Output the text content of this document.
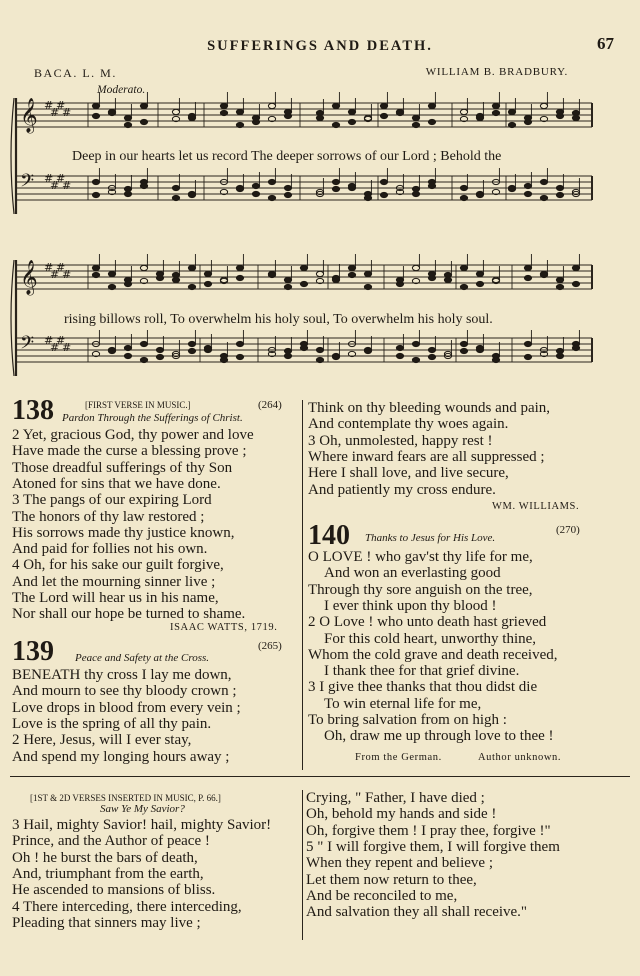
SUFFERINGS AND DEATH.	67
BACA. L. M.	WILLIAM B. BRADBURY.
Moderato.
𝄞 #
#
#
#
𝄢 #
#
#
#
Deep in our hearts let us record The deeper sorrows of our Lord ; Behold the
𝄞 #
#
#
#
𝄢 #
#
#
#
rising billows roll, To overwhelm his holy soul, To overwhelm his holy soul.
138	[FIRST VERSE IN MUSIC.]	(264)
Pardon Through the Sufferings of Christ.
2 Yet, gracious God, thy power and love
Have made the curse a blessing prove ;
Those dreadful sufferings of thy Son
Atoned for sins that we have done.
3 The pangs of our expiring Lord
The honors of thy law restored ;
His sorrows made thy justice known,
And paid for follies not his own.
4 Oh, for his sake our guilt forgive,
And let the mourning sinner live ;
The Lord will hear us in his name,
Nor shall our hope be turned to shame.
ISAAC WATTS, 1719.
139	(265)
Peace and Safety at the Cross.
BENEATH thy cross I lay me down,
And mourn to see thy bloody crown ;
Love drops in blood from every vein ;
Love is the spring of all thy pain.
2 Here, Jesus, will I ever stay,
And spend my longing hours away ;
Think on thy bleeding wounds and pain,
And contemplate thy woes again.
3 Oh, unmolested, happy rest !
Where inward fears are all suppressed ;
Here I shall love, and live secure,
And patiently my cross endure.
WM. WILLIAMS.
140 Thanks to Jesus for His Love.
(270)
O LOVE ! who gav'st thy life for me,
And won an everlasting good
Through thy sore anguish on the tree,
I ever think upon thy blood !
2 O Love ! who unto death hast grieved
For this cold heart, unworthy thine,
Whom the cold grave and death received,
I thank thee for that grief divine.
3 I give thee thanks that thou didst die
To win eternal life for me,
To bring salvation from on high :
Oh, draw me up through love to thee !
From the German.	Author unknown.
[1ST & 2D VERSES INSERTED IN MUSIC, P. 66.]
Saw Ye My Savior?
3 Hail, mighty Savior! hail, mighty Savior!
Prince, and the Author of peace !
Oh ! he burst the bars of death,
And, triumphant from the earth,
He ascended to mansions of bliss.
4 There interceding, there interceding,
Pleading that sinners may live ;
Crying, " Father, I have died ;
Oh, behold my hands and side !
Oh, forgive them ! I pray thee, forgive !"
5 " I will forgive them, I will forgive them
When they repent and believe ;
Let them now return to thee,
And be reconciled to me,
And salvation they all shall receive."
